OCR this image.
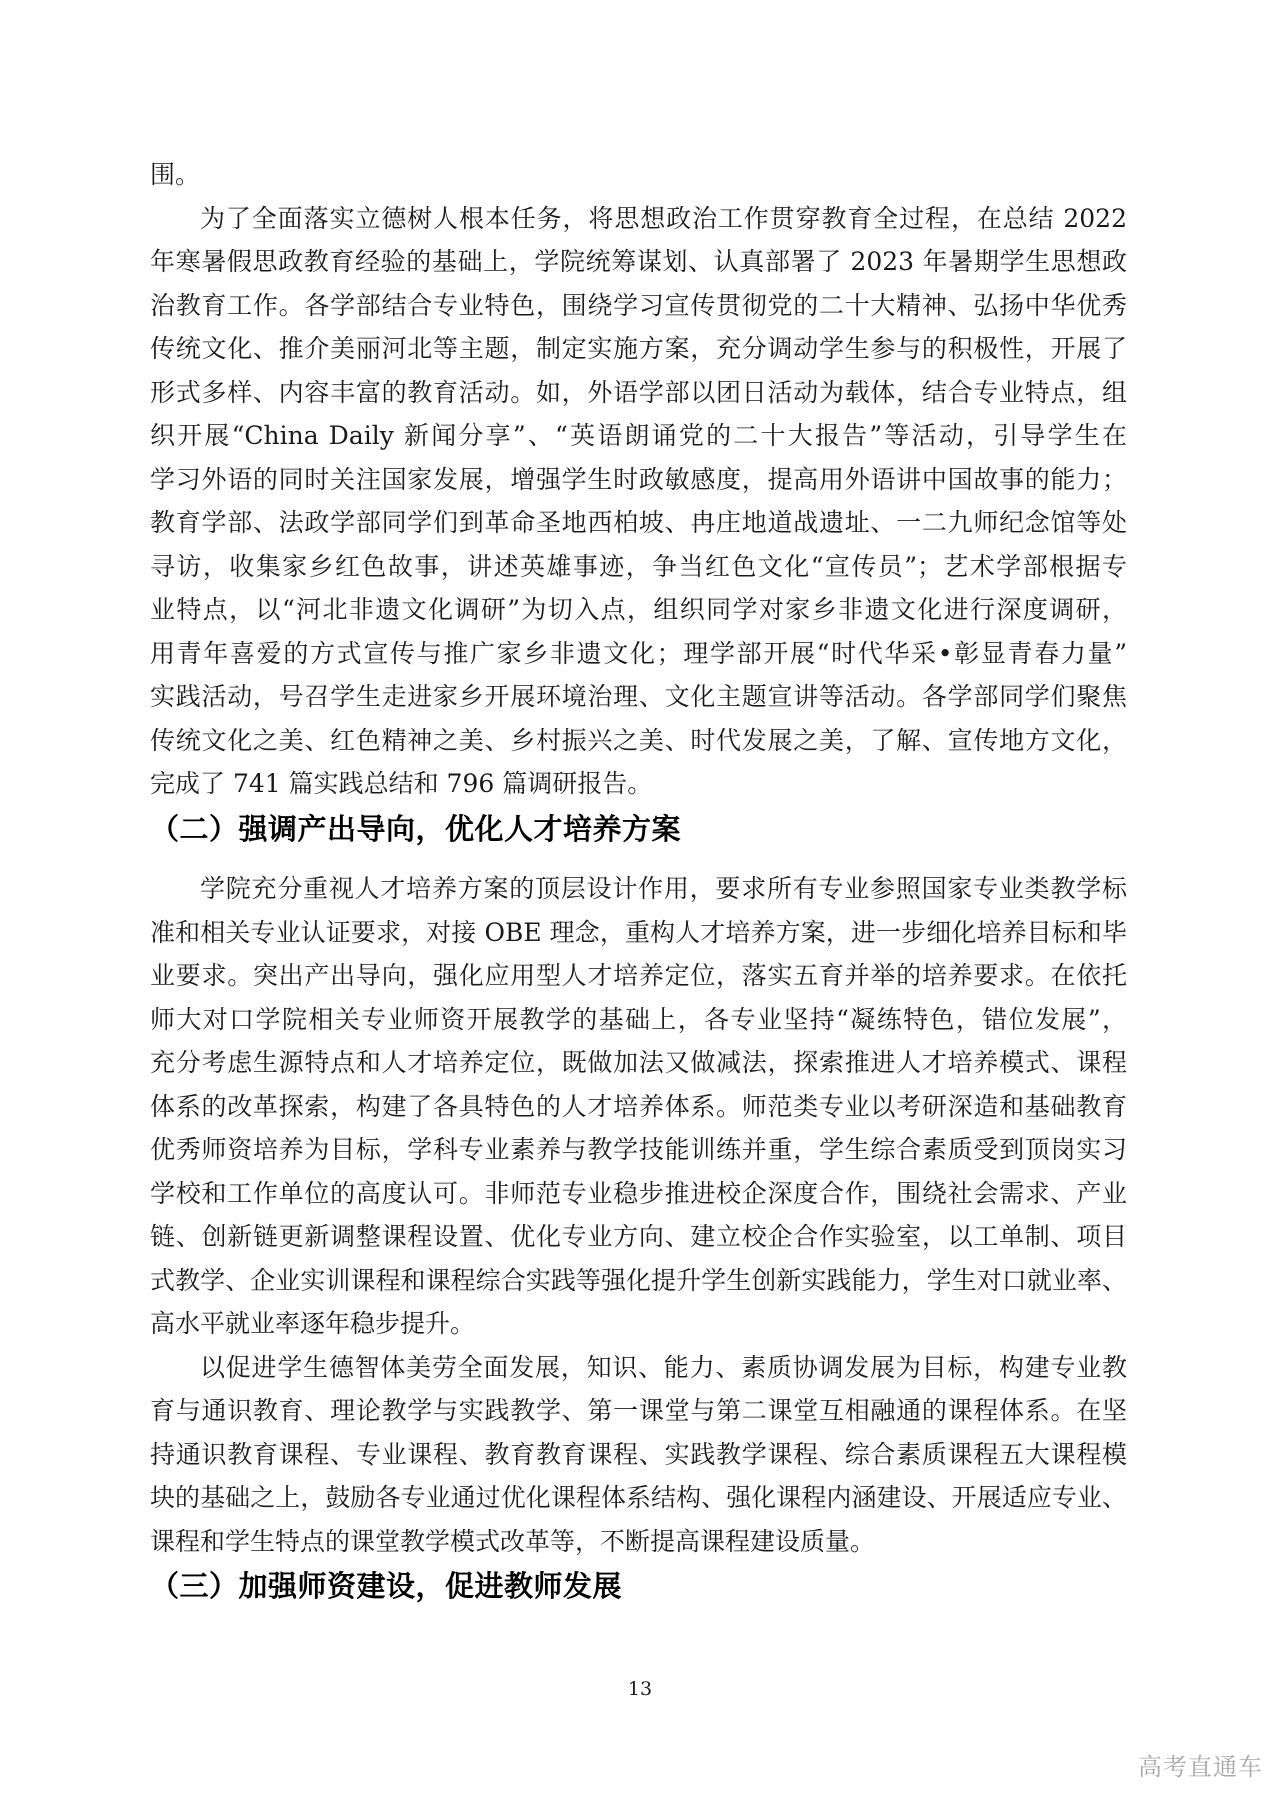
围。
为了全面落实立德树人根本任务，将思想政治工作贯穿教育全过程，在总结 2022
年寒暑假思政教育经验的基础上，学院统筹谋划、认真部署了 2023 年暑期学生思想政
治教育工作。各学部结合专业特色，围绕学习宣传贯彻党的二十大精神、弘扬中华优秀
传统文化、推介美丽河北等主题，制定实施方案，充分调动学生参与的积极性，开展了
形式多样、内容丰富的教育活动。如，外语学部以团日活动为载体，结合专业特点，组
织开展“China Daily 新闻分享”、“英语朗诵党的二十大报告”等活动，引导学生在
学习外语的同时关注国家发展，增强学生时政敏感度，提高用外语讲中国故事的能力；
教育学部、法政学部同学们到革命圣地西柏坡、冉庄地道战遗址、一二九师纪念馆等处
寻访，收集家乡红色故事，讲述英雄事迹，争当红色文化“宣传员”；艺术学部根据专
业特点，以“河北非遗文化调研”为切入点，组织同学对家乡非遗文化进行深度调研，
用青年喜爱的方式宣传与推广家乡非遗文化；理学部开展“时代华采•彰显青春力量”
实践活动，号召学生走进家乡开展环境治理、文化主题宣讲等活动。各学部同学们聚焦
传统文化之美、红色精神之美、乡村振兴之美、时代发展之美，了解、宣传地方文化，
完成了 741 篇实践总结和 796 篇调研报告。
（二）强调产出导向，优化人才培养方案
学院充分重视人才培养方案的顶层设计作用，要求所有专业参照国家专业类教学标
准和相关专业认证要求，对接 OBE 理念，重构人才培养方案，进一步细化培养目标和毕
业要求。突出产出导向，强化应用型人才培养定位，落实五育并举的培养要求。在依托
师大对口学院相关专业师资开展教学的基础上，各专业坚持“凝练特色，错位发展”，
充分考虑生源特点和人才培养定位，既做加法又做减法，探索推进人才培养模式、课程
体系的改革探索，构建了各具特色的人才培养体系。师范类专业以考研深造和基础教育
优秀师资培养为目标，学科专业素养与教学技能训练并重，学生综合素质受到顶岗实习
学校和工作单位的高度认可。非师范专业稳步推进校企深度合作，围绕社会需求、产业
链、创新链更新调整课程设置、优化专业方向、建立校企合作实验室，以工单制、项目
式教学、企业实训课程和课程综合实践等强化提升学生创新实践能力，学生对口就业率、
高水平就业率逐年稳步提升。
以促进学生德智体美劳全面发展，知识、能力、素质协调发展为目标，构建专业教
育与通识教育、理论教学与实践教学、第一课堂与第二课堂互相融通的课程体系。在坚
持通识教育课程、专业课程、教育教育课程、实践教学课程、综合素质课程五大课程模
块的基础之上，鼓励各专业通过优化课程体系结构、强化课程内涵建设、开展适应专业、
课程和学生特点的课堂教学模式改革等，不断提高课程建设质量。
（三）加强师资建设，促进教师发展
13
高考直通车
